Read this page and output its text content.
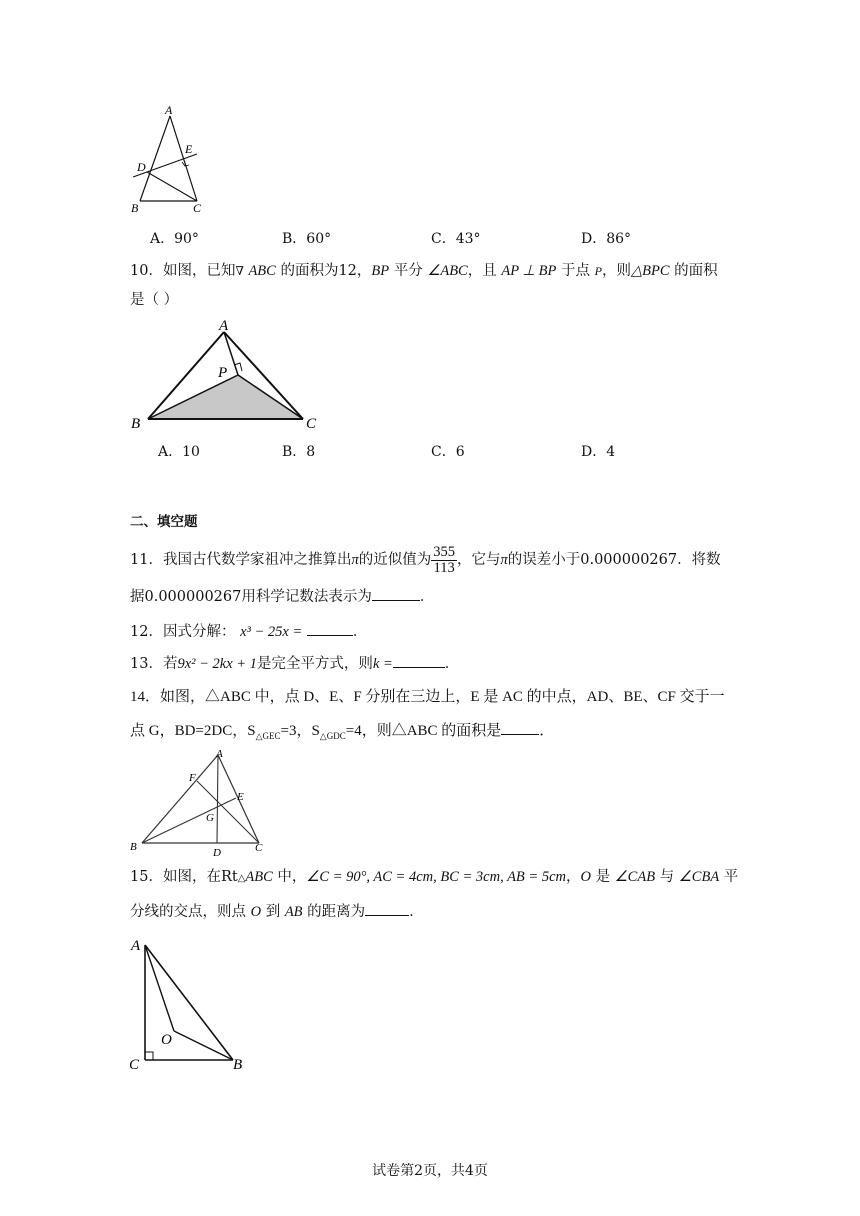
A
E
D
B	C
A．90°	B．60°	C．43°	D．86°
10．如图，已知∇ ABC 的面积为12，BP 平分 ∠ABC，且 AP ⊥ BP 于点 P，则△BPC 的面积
是（ ）
A
P
B	C
A．10	B．8	C．6	D．4
二、填空题
11．我国古代数学家祖冲之推算出π的近似值为 $\frac{355}{113}$ ，它与π的误差小于0.000000267．将数
据0.000000267用科学记数法表示为	．
12．因式分解： x³ − 25x =	．
13．若9x² − 2kx + 1是完全平方式，则k =	．
14．如图，△ABC 中，点 D、E、F 分别在三边上，E 是 AC 的中点，AD、BE、CF 交于一
点 G，BD=2DC，$S_{\triangle GEC}=3$，$S_{\triangle GDC}=4$，则△ABC 的面积是	．
A
F
E
G
B	D	C
15．如图，在Rt△ABC 中，∠C = 90°, AC = 4cm, BC = 3cm, AB = 5cm，O 是 ∠CAB 与 ∠CBA 平
分线的交点，则点 O 到 AB 的距离为	．
A
O
C	B
试卷第2页，共4页
